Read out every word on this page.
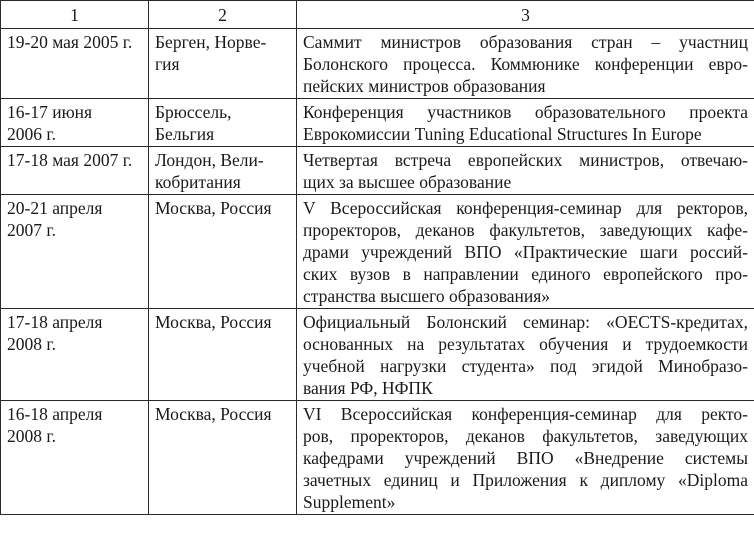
1	2	3

19-20 мая 2005 г.	Берген, Норве-
гия	Саммит министров образования стран – участниц
Болонского процесса. Коммюнике конференции евро-
пейских министров образования

16-17 июня
2006 г.	Брюссель,
Бельгия	Конференция участников образовательного проекта
Еврокомиссии Tuning Educational Structures In Europe

17-18 мая 2007 г.	Лондон, Вели-
кобритания	Четвертая встреча европейских министров, отвечаю-
щих за высшее образование

20-21 апреля
2007 г.	Москва, Россия	V Всероссийская конференция-семинар для ректоров,
проректоров, деканов факультетов, заведующих кафе-
драми учреждений ВПО «Практические шаги россий-
ских вузов в направлении единого европейского про-
странства высшего образования»

17-18 апреля
2008 г.	Москва, Россия	Официальный Болонский семинар: «ОECTS-кредитах,
основанных на результатах обучения и трудоемкости
учебной нагрузки студента» под эгидой Минобразо-
вания РФ, НФПК

16-18 апреля
2008 г.	Москва, Россия	VI Всероссийская конференция-семинар для ректо-
ров, проректоров, деканов факультетов, заведующих
кафедрами учреждений ВПО «Внедрение системы
зачетных единиц и Приложения к диплому «Diploma
Supplement»
